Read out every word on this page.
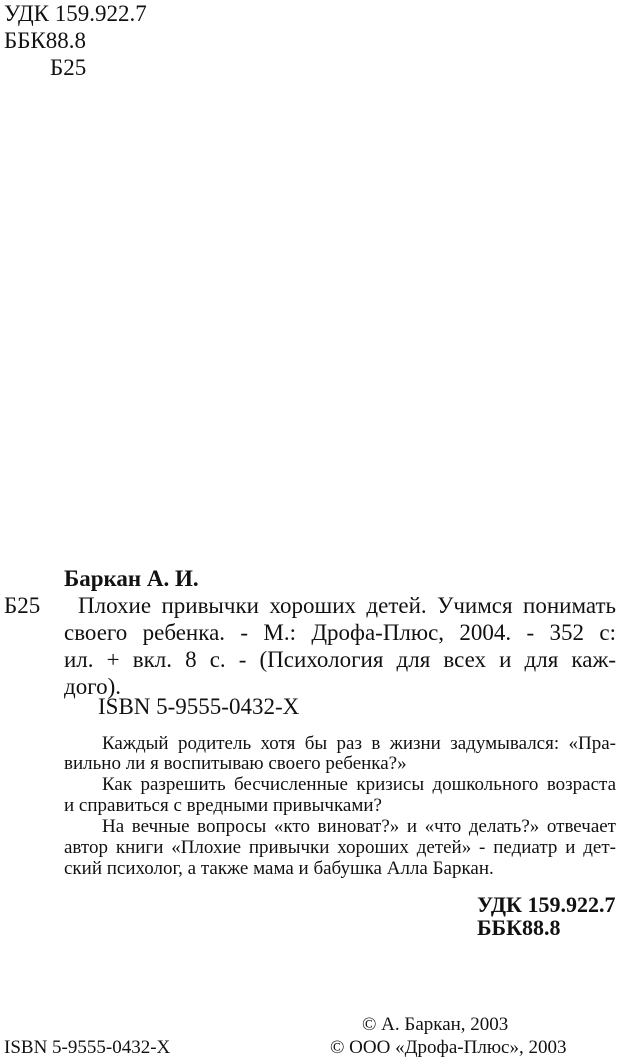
УДК 159.922.7
ББК88.8
Б25
Баркан А. И.
Б25 Плохие привычки хороших детей. Учимся понимать
своего ребенка. - М.: Дрофа-Плюс, 2004. - 352 с:
ил. + вкл. 8 с. - (Психология для всех и для каж-
дого).
ISBN 5-9555-0432-X
Каждый родитель хотя бы раз в жизни задумывался: «Пра-
вильно ли я воспитываю своего ребенка?»
Как разрешить бесчисленные кризисы дошкольного возраста
и справиться с вредными привычками?
На вечные вопросы «кто виноват?» и «что делать?» отвечает
автор книги «Плохие привычки хороших детей» - педиатр и дет-
ский психолог, а также мама и бабушка Алла Баркан.
УДК 159.922.7
ББК88.8
© А. Баркан, 2003
ISBN 5-9555-0432-X	© ООО «Дрофа-Плюс», 2003
